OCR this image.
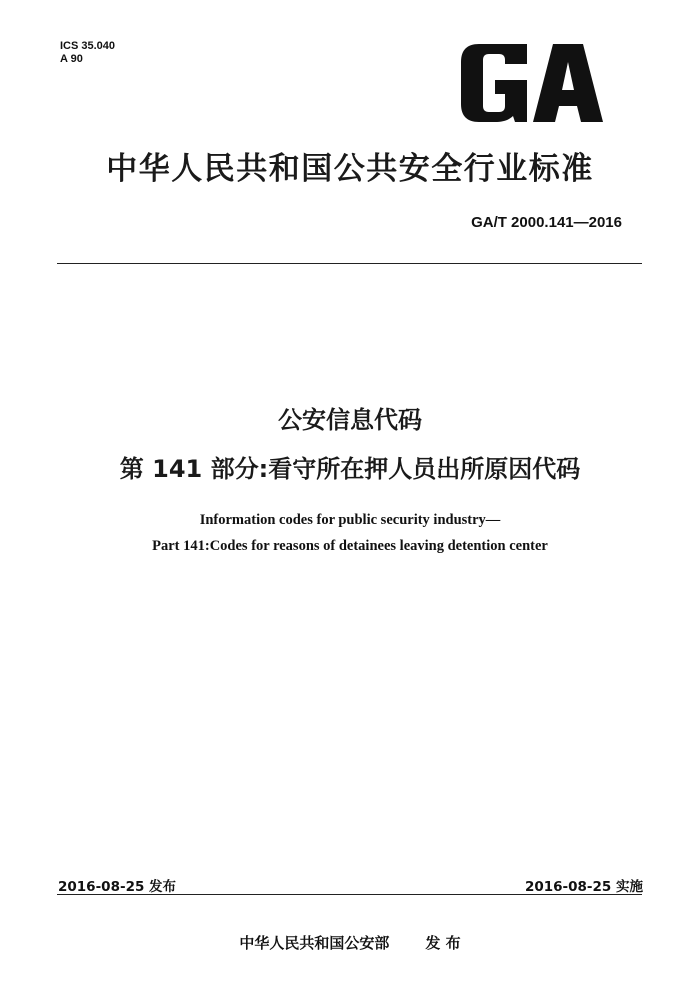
ICS 35.040
A 90
中华人民共和国公共安全行业标准
GA/T 2000.141—2016
公安信息代码
第 141 部分:看守所在押人员出所原因代码
Information codes for public security industry—
Part 141:Codes for reasons of detainees leaving detention center
2016-08-25 发布	2016-08-25 实施
中华人民共和国公安部 发 布
